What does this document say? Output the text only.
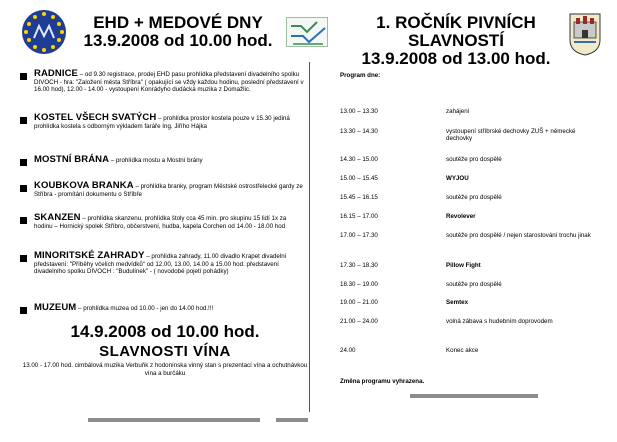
EHD + MEDOVÉ DNY
13.9.2008 od 10.00 hod.
1. ROČNÍK PIVNÍCH SLAVNOSTÍ
13.9.2008 od 13.00 hod.
RADNICE – od 9.30 registrace, prodej EHD pasu prohlídka představení divadelního spolku DIVOCH - hra: "Založení města Stříbra" ( opakující se vždy každou hodinu, poslední představení v 16.00 hod), 12.00 - 14.00 - vystoupení Konrádyho dudácká muzika z Domažlic.
KOSTEL VŠECH SVATÝCH – prohlídka prostor kostela pouze v 15.30 jediná prohlídka kostela s odborným výkladem faráře Ing. Jiřího Hájka
MOSTNÍ BRÁNA – prohlídka mostu a Mostní brány
KOUBKOVA BRANKA – prohlídka branky, program Městské ostrostřelecké gardy ze Stříbra - promítání dokumentu o Stříbře
SKANZEN – prohlídka skanzenu, prohlídka štoly cca 45 min. pro skupinu 15 lidí 1x za hodinu – Hornický spolek Stříbro, občerstvení, hudba, kapela Corchen od 14.00 - 18.00 hod
MINORITSKÉ ZAHRADY – prohlídka zahrady, 11.00 divadlo Krapet divadelní představení: "Příběhy včelích medvídků" od 12.00, 13.00, 14.00 a 15.00 hod. představení divadelního spolku DIVOCH : "Budulínek" - ( novodobé pojetí pohádky)
MUZEUM – prohlídka muzea od 10.00 - jen do 14.00 hod.!!!
14.9.2008 od 10.00 hod.
SLAVNOSTI VÍNA
13.00 - 17.00 hod. cimbálová muzika Verbuňk z hodonínska vinný stan s prezentací vína a ochutnávkou vína a burčáku
Program dne:
13.00 – 13.30	zahájení
13.30 – 14.30	vystoupení stříbrské dechovky ZUŠ + německé dechovky
14.30 – 15.00	soutěže pro dospělé
15.00 – 15.45	WYJOU
15.45 – 16.15	soutěže pro dospělé
16.15 – 17.00	Revolever
17.00 – 17.30	soutěže pro dospělé / nejen starostování trochu jinak
17.30 – 18.30	Pillow Fight
18.30 – 19.00	soutěže pro dospělé
19.00 – 21.00	Semtex
21.00 – 24.00	volná zábava s hudebním doprovodem
24.00	Konec akce
Změna programu vyhrazena.
